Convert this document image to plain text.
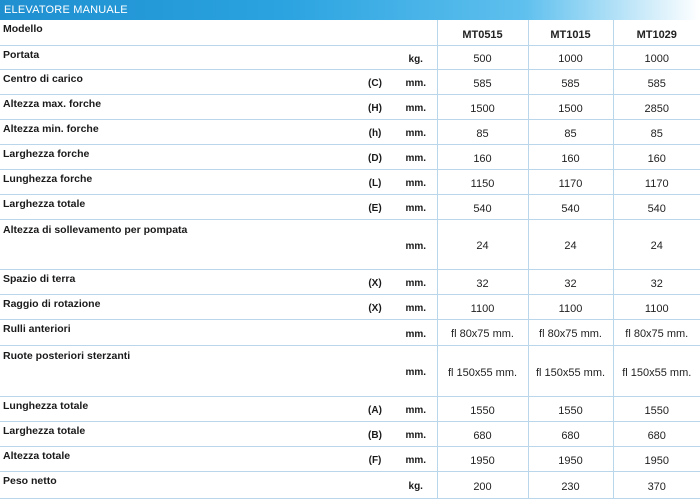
ELEVATORE MANUALE
Modello			MT0515	MT1015	MT1029
Portata		kg.	500	1000	1000
Centro di carico	(C)	mm.	585	585	585
Altezza max. forche	(H)	mm.	1500	1500	2850
Altezza min. forche	(h)	mm.	85	85	85
Larghezza forche	(D)	mm.	160	160	160
Lunghezza forche	(L)	mm.	1150	1170	1170
Larghezza totale	(E)	mm.	540	540	540
Altezza di sollevamento per pompata		mm.	24	24	24
Spazio di terra	(X)	mm.	32	32	32
Raggio di rotazione	(X)	mm.	1100	1100	1100
Rulli anteriori		mm.	fl 80x75 mm.	fl 80x75 mm.	fl 80x75 mm.
Ruote posteriori sterzanti		mm.	fl 150x55 mm.	fl 150x55 mm.	fl 150x55 mm.
Lunghezza totale	(A)	mm.	1550	1550	1550
Larghezza totale	(B)	mm.	680	680	680
Altezza totale	(F)	mm.	1950	1950	1950
Peso netto		kg.	200	230	370
